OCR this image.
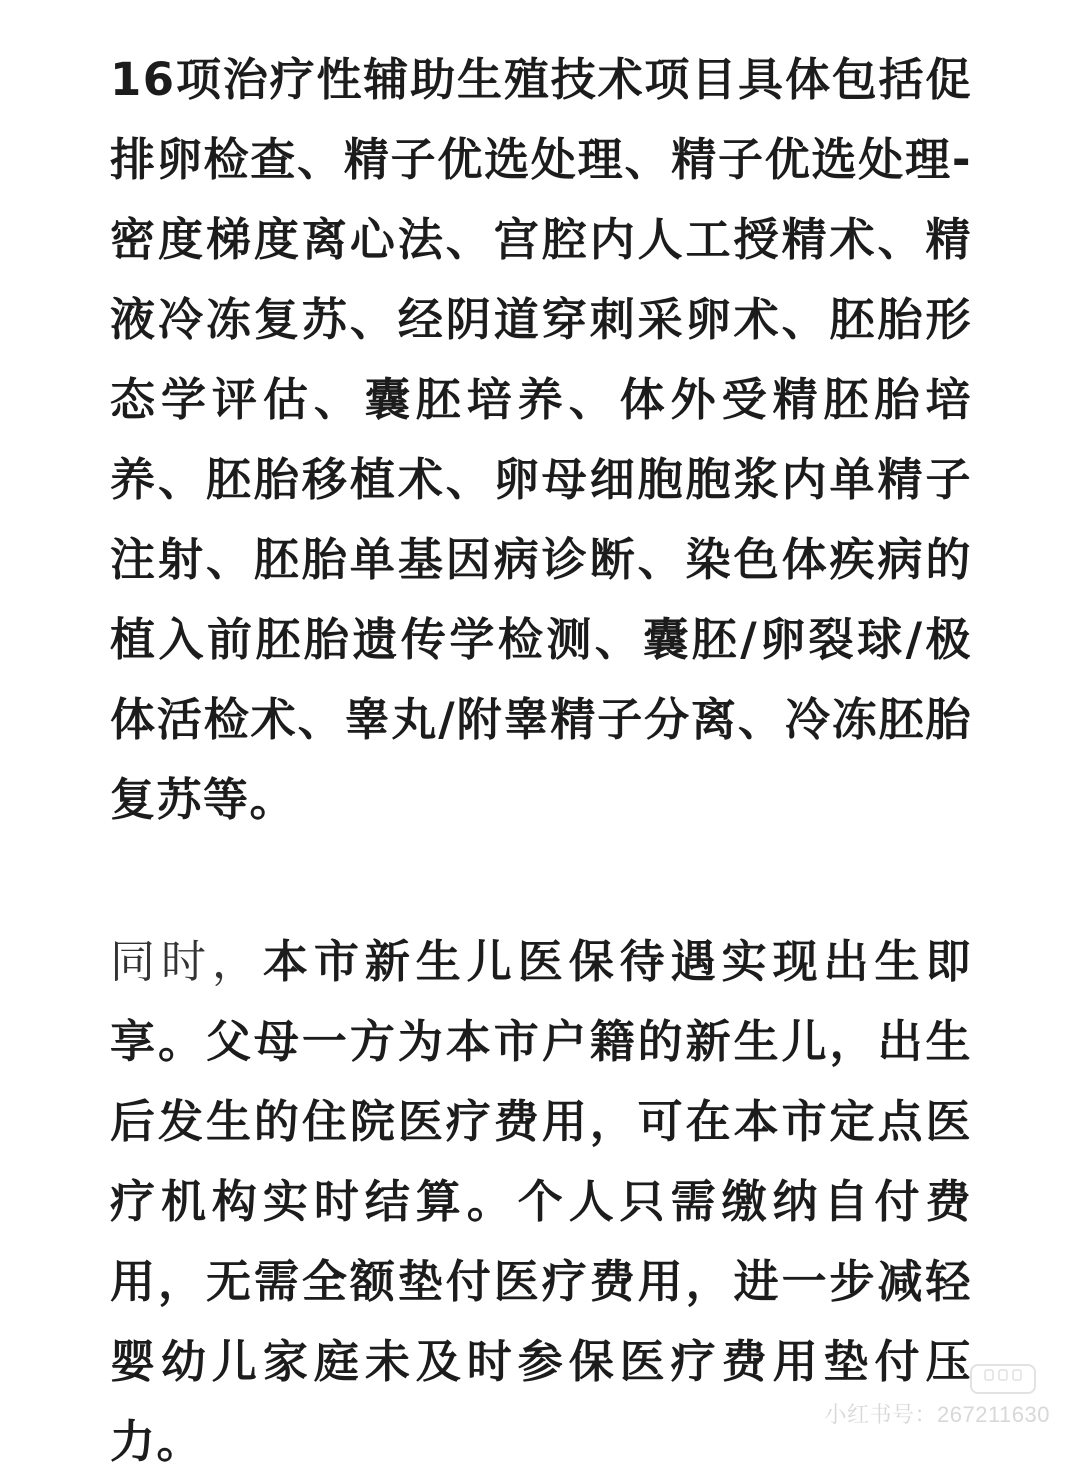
16项治疗性辅助生殖技术项目具体包括促排卵检查、精子优选处理、精子优选处理-密度梯度离心法、宫腔内人工授精术、精液冷冻复苏、经阴道穿刺采卵术、胚胎形态学评估、囊胚培养、体外受精胚胎培养、胚胎移植术、卵母细胞胞浆内单精子注射、胚胎单基因病诊断、染色体疾病的植入前胚胎遗传学检测、囊胚/卵裂球/极体活检术、睾丸/附睾精子分离、冷冻胚胎复苏等。

同时，本市新生儿医保待遇实现出生即享。父母一方为本市户籍的新生儿，出生后发生的住院医疗费用，可在本市定点医疗机构实时结算。个人只需缴纳自付费用，无需全额垫付医疗费用，进一步减轻婴幼儿家庭未及时参保医疗费用垫付压力。

小红书号：267211630
